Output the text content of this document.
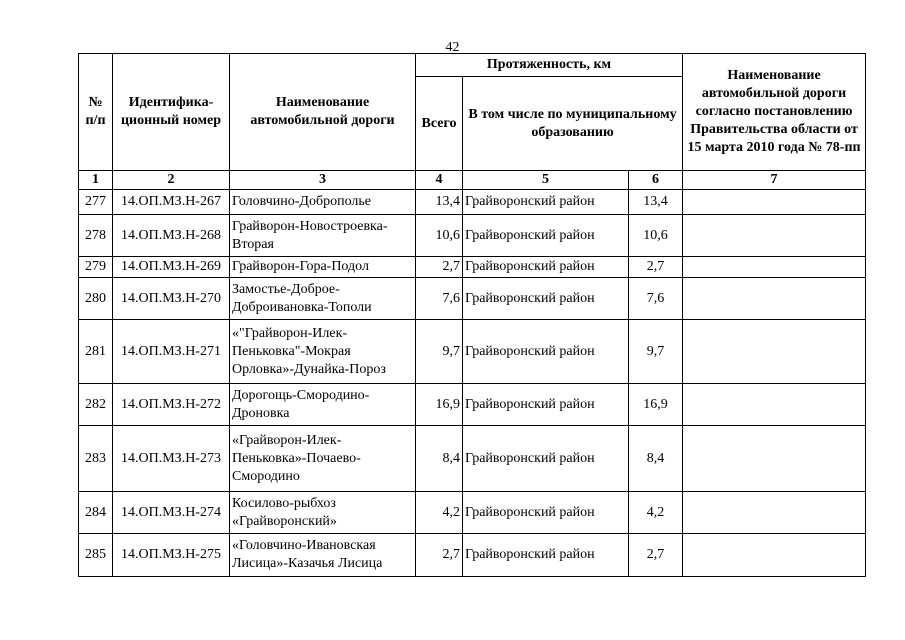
42
№ п/п	Идентифика-ционный номер	Наименование автомобильной дороги	Протяженность, км			Наименование автомобильной дороги согласно постановлению Правительства области от 15 марта 2010 года № 78-пп
			Всего	В том числе по муниципальному образованию		
1	2	3	4	5	6	7
277	14.ОП.МЗ.Н-267	Головчино-Доброполье	13,4	Грайворонский район	13,4	
278	14.ОП.МЗ.Н-268	Грайворон-Новостроевка-Вторая	10,6	Грайворонский район	10,6	
279	14.ОП.МЗ.Н-269	Грайворон-Гора-Подол	2,7	Грайворонский район	2,7	
280	14.ОП.МЗ.Н-270	Замостье-Доброе-Доброивановка-Тополи	7,6	Грайворонский район	7,6	
281	14.ОП.МЗ.Н-271	«"Грайворон-Илек-Пеньковка"-Мокрая Орловка»-Дунайка-Пороз	9,7	Грайворонский район	9,7	
282	14.ОП.МЗ.Н-272	Дорогощь-Смородино-Дроновка	16,9	Грайворонский район	16,9	
283	14.ОП.МЗ.Н-273	«Грайворон-Илек-Пеньковка»-Почаево-Смородино	8,4	Грайворонский район	8,4	
284	14.ОП.МЗ.Н-274	Косилово-рыбхоз «Грайворонский»	4,2	Грайворонский район	4,2	
285	14.ОП.МЗ.Н-275	«Головчино-Ивановская Лисица»-Казачья Лисица	2,7	Грайворонский район	2,7	
